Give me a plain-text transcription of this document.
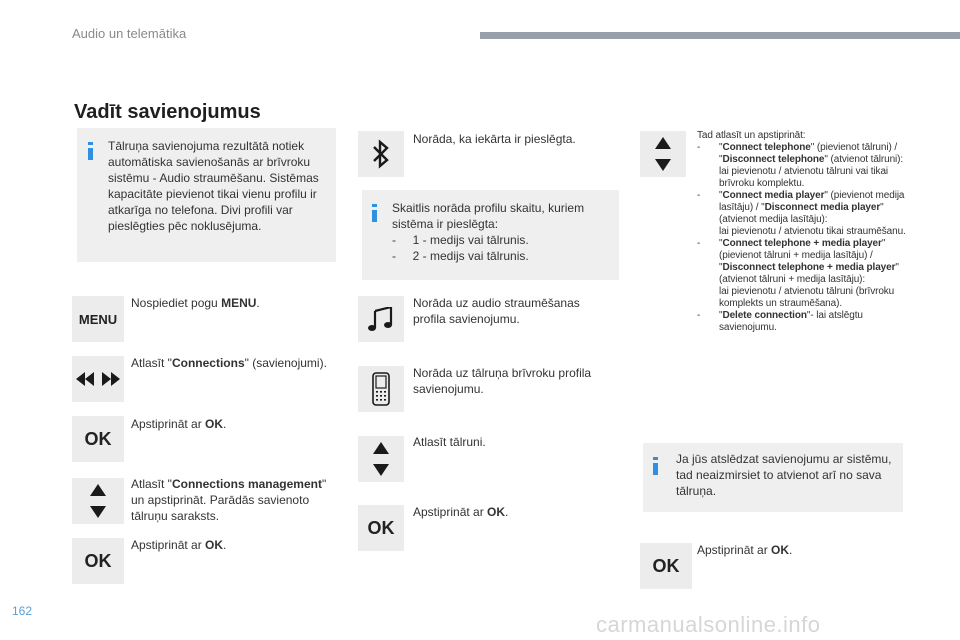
Audio un telemātika
Vadīt savienojumus
Tālruņa savienojuma rezultātā notiek automātiska savienošanās ar brīvroku sistēmu - Audio straumēšanu. Sistēmas kapacitāte pievienot tikai vienu profilu ir atkarīga no telefona. Divi profili var pieslēgties pēc noklusējuma.
MENU
Nospiediet pogu MENU.
Atlasīt "Connections" (savienojumi).
OK
Apstiprināt ar OK.
Atlasīt "Connections management" un apstiprināt. Parādās savienoto tālruņu saraksts.
OK
Apstiprināt ar OK.
Norāda, ka iekārta ir pieslēgta.
Skaitlis norāda profilu skaitu, kuriem sistēma ir pieslēgta:
-     1 - medijs vai tālrunis.
-     2 - medijs vai tālrunis.
Norāda uz audio straumēšanas profila savienojumu.
Norāda uz tālruņa brīvroku profila savienojumu.
Atlasīt tālruni.
OK
Apstiprināt ar OK.
Tad atlasīt un apstiprināt:
-	"Connect telephone" (pievienot tālruni) / "Disconnect telephone" (atvienot tālruni):
lai pievienotu / atvienotu tālruni vai tikai brīvroku komplektu.
-	"Connect media player" (pievienot medija lasītāju) / "Disconnect media player" (atvienot medija lasītāju):
lai pievienotu / atvienotu tikai straumēšanu.
-	"Connect telephone + media player" (pievienot tālruni + medija lasītāju) / "Disconnect telephone + media player" (atvienot tālruni + medija lasītāju):
lai pievienotu / atvienotu tālruni (brīvroku komplekts un straumēšana).
-	"Delete connection"- lai atslēgtu savienojumu.
Ja jūs atslēdzat savienojumu ar sistēmu, tad neaizmirsiet to atvienot arī no sava tālruņa.
OK
Apstiprināt ar OK.
162
carmanualsonline.info
